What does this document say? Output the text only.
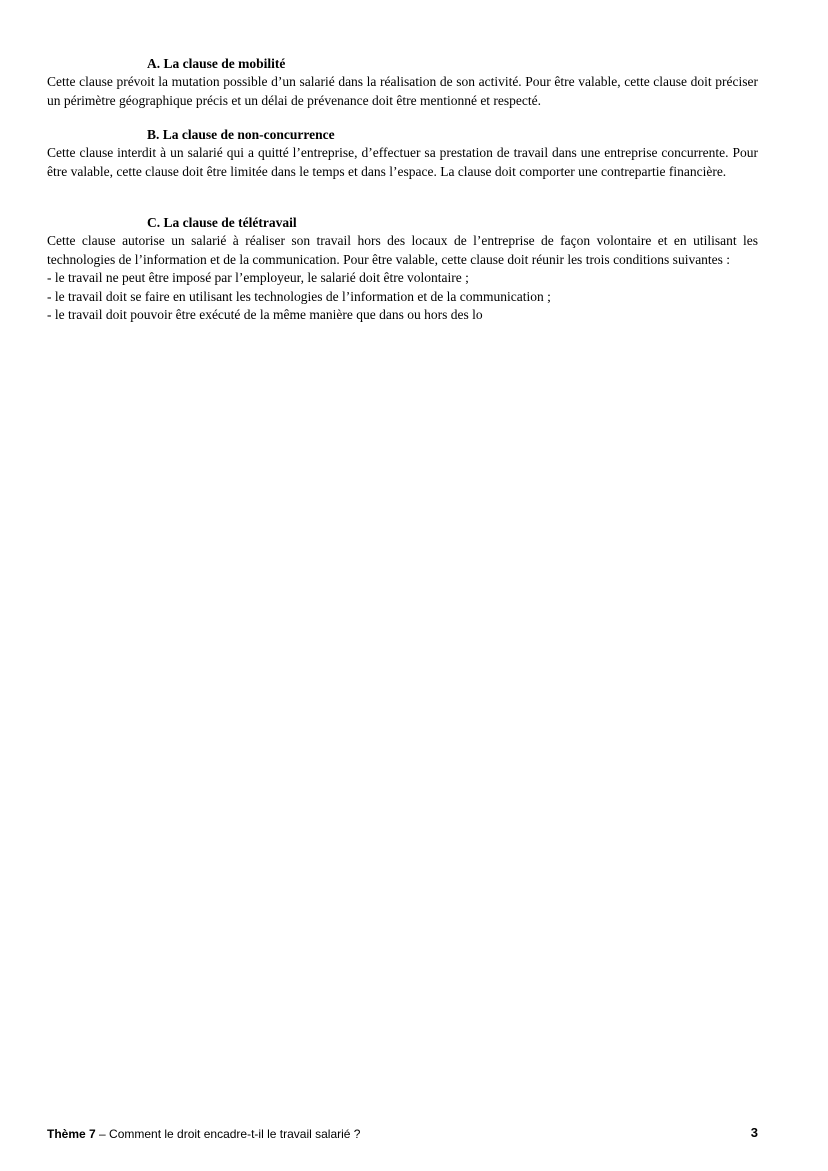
A. La clause de mobilité

Cette clause prévoit la mutation possible d’un salarié dans la réalisation de son activité. Pour être valable, cette clause doit préciser un périmètre géographique précis et un délai de prévenance doit être mentionné et respecté.

B. La clause de non-concurrence

Cette clause interdit à un salarié qui a quitté l’entreprise, d’effectuer sa prestation de travail dans une entreprise concurrente. Pour être valable, cette clause doit être limitée dans le temps et dans l’espace. La clause doit comporter une contrepartie financière.

C. La clause de télétravail

Cette clause autorise un salarié à réaliser son travail hors des locaux de l’entreprise de façon volontaire et en utilisant les technologies de l’information et de la communication. Pour être valable, cette clause doit réunir les trois conditions suivantes :

- le travail ne peut être imposé par l’employeur, le salarié doit être volontaire ;

- le travail doit se faire en utilisant les technologies de l’information et de la communication ;

- le travail doit pouvoir être exécuté de la même manière que dans ou hors des lo

Thème 7 – Comment le droit encadre-t-il le travail salarié ?	3
